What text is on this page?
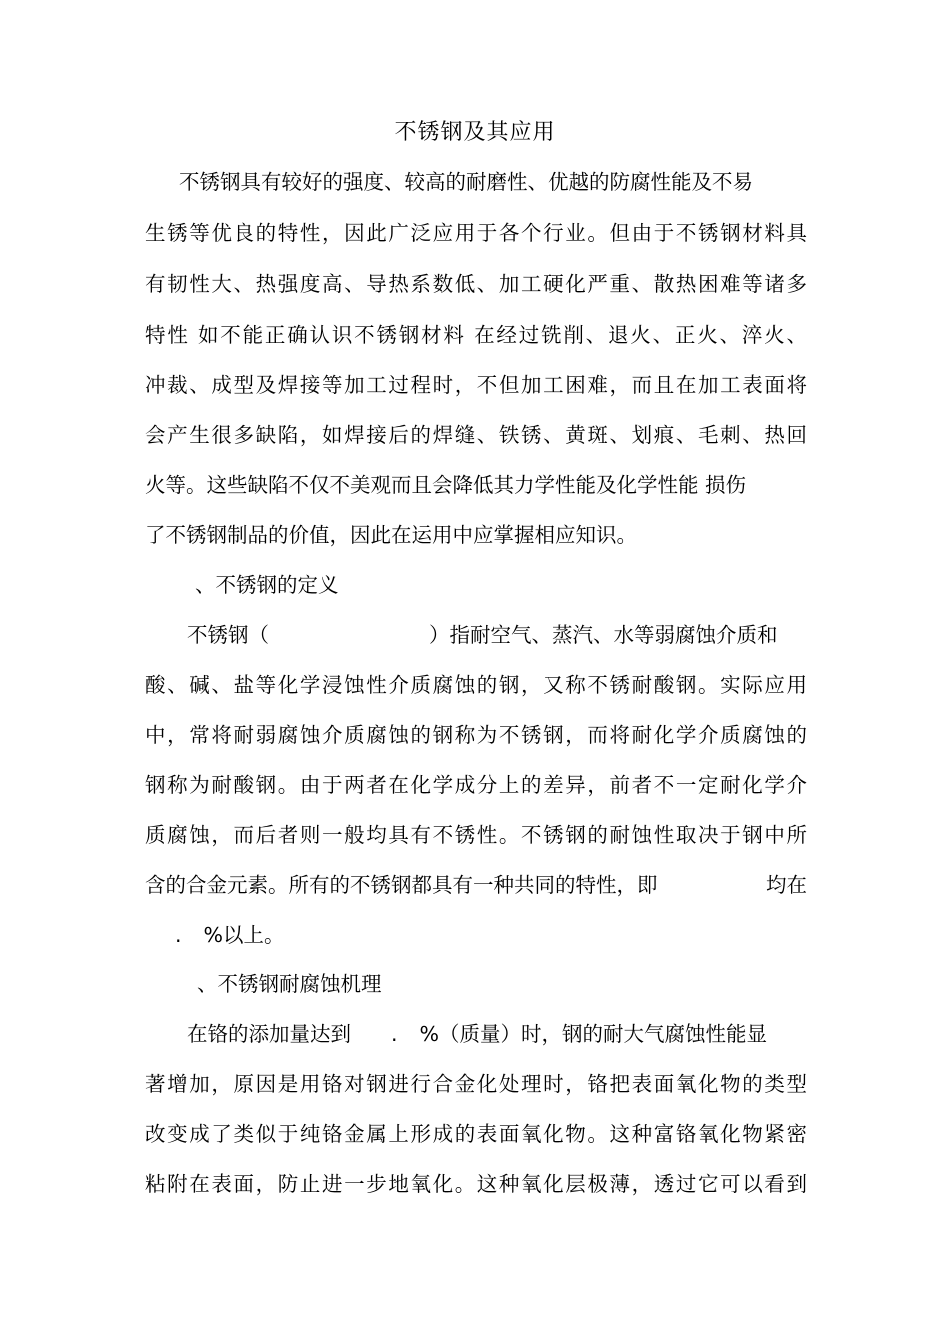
不锈钢及其应用
不锈钢具有较好的强度、较高的耐磨性、优越的防腐性能及不易
生锈等优良的特性，因此广泛应用于各个行业。但由于不锈钢材料具
有韧性大、热强度高、导热系数低、加工硬化严重、散热困难等诸多
特性 如不能正确认识不锈钢材料 在经过铣削、退火、正火、淬火、
冲裁、成型及焊接等加工过程时，不但加工困难，而且在加工表面将
会产生很多缺陷，如焊接后的焊缝、铁锈、黄斑、划痕、毛刺、热回
火等。这些缺陷不仅不美观而且会降低其力学性能及化学性能 损伤
了不锈钢制品的价值，因此在运用中应掌握相应知识。
、不锈钢的定义
不锈钢（	）指耐空气、蒸汽、水等弱腐蚀介质和
酸、碱、盐等化学浸蚀性介质腐蚀的钢，又称不锈耐酸钢。实际应用
中，常将耐弱腐蚀介质腐蚀的钢称为不锈钢，而将耐化学介质腐蚀的
钢称为耐酸钢。由于两者在化学成分上的差异，前者不一定耐化学介
质腐蚀，而后者则一般均具有不锈性。不锈钢的耐蚀性取决于钢中所
含的合金元素。所有的不锈钢都具有一种共同的特性，即	均在
. %以上。
、不锈钢耐腐蚀机理
在铬的添加量达到 . %（质量）时，钢的耐大气腐蚀性能显
著增加，原因是用铬对钢进行合金化处理时，铬把表面氧化物的类型
改变成了类似于纯铬金属上形成的表面氧化物。这种富铬氧化物紧密
粘附在表面，防止进一步地氧化。这种氧化层极薄，透过它可以看到
